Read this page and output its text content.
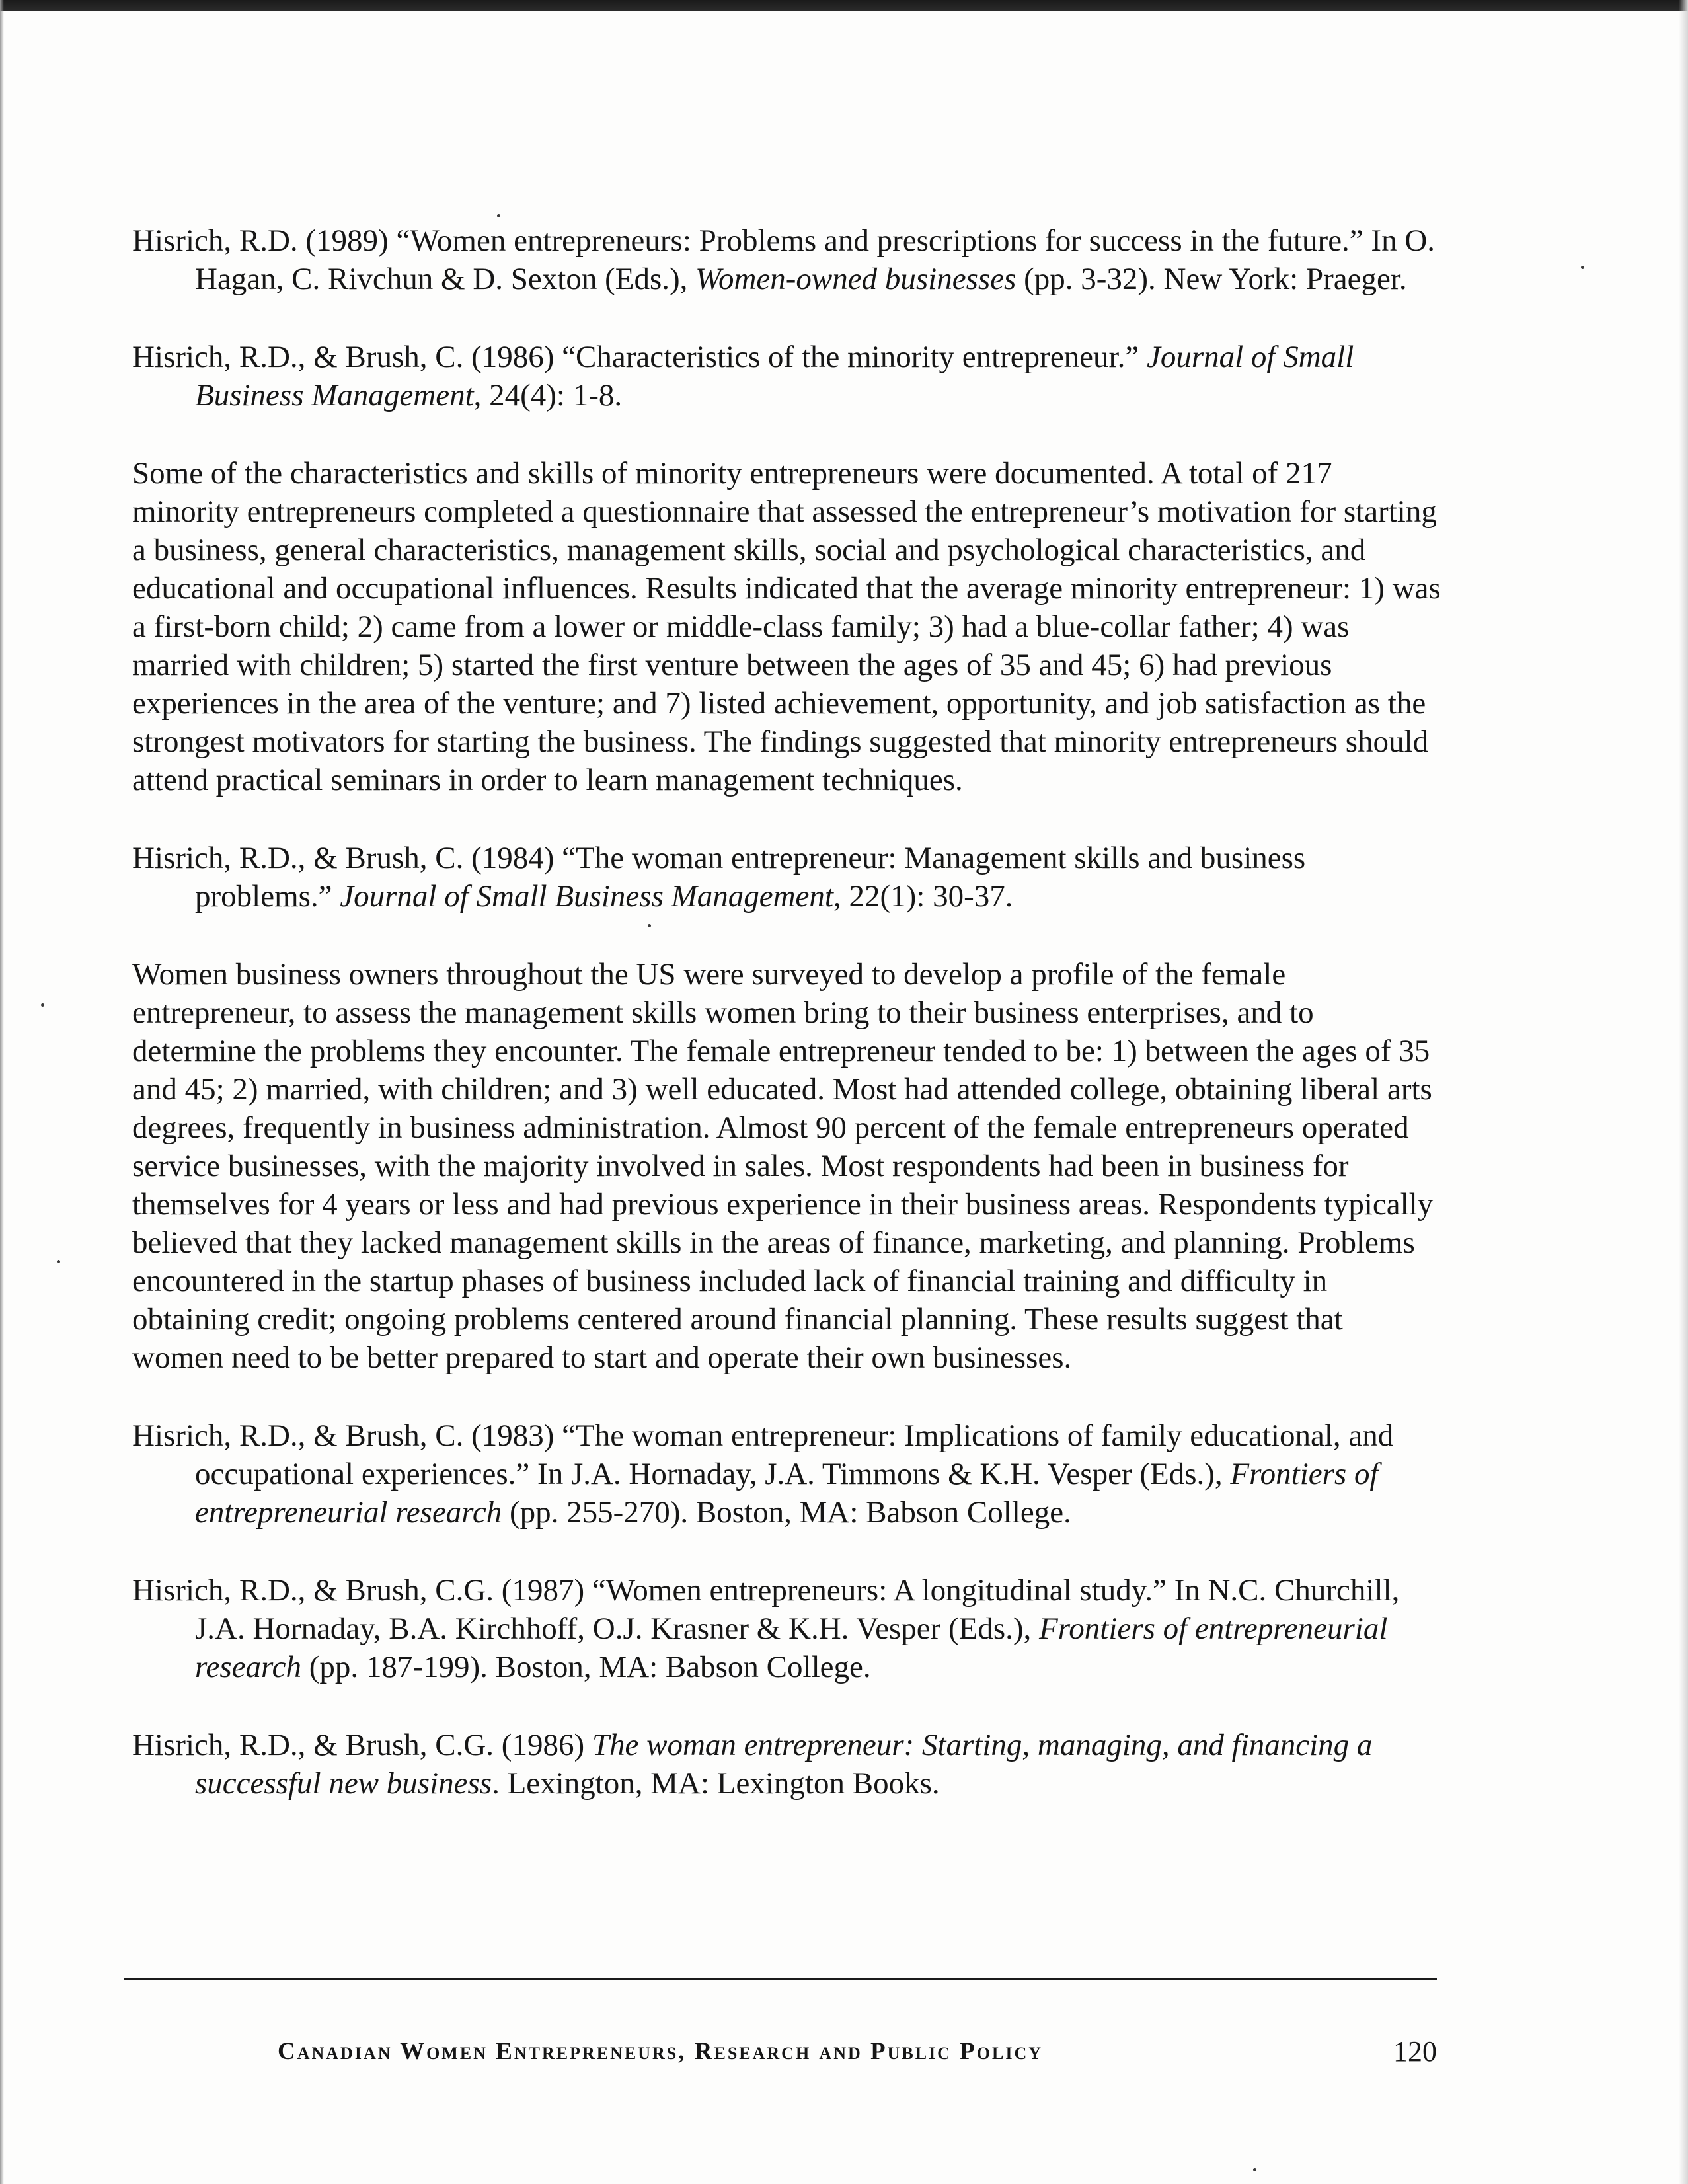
Hisrich, R.D. (1989) “Women entrepreneurs: Problems and prescriptions for success in the future.” In O. Hagan, C. Rivchun & D. Sexton (Eds.), Women-owned businesses (pp. 3-32). New York: Praeger.

Hisrich, R.D., & Brush, C. (1986) “Characteristics of the minority entrepreneur.” Journal of Small Business Management, 24(4): 1-8.

Some of the characteristics and skills of minority entrepreneurs were documented. A total of 217 minority entrepreneurs completed a questionnaire that assessed the entrepreneur’s motivation for starting a business, general characteristics, management skills, social and psychological characteristics, and educational and occupational influences. Results indicated that the average minority entrepreneur: 1) was a first-born child; 2) came from a lower or middle-class family; 3) had a blue-collar father; 4) was married with children; 5) started the first venture between the ages of 35 and 45; 6) had previous experiences in the area of the venture; and 7) listed achievement, opportunity, and job satisfaction as the strongest motivators for starting the business. The findings suggested that minority entrepreneurs should attend practical seminars in order to learn management techniques.

Hisrich, R.D., & Brush, C. (1984) “The woman entrepreneur: Management skills and business problems.” Journal of Small Business Management, 22(1): 30-37.

Women business owners throughout the US were surveyed to develop a profile of the female entrepreneur, to assess the management skills women bring to their business enterprises, and to determine the problems they encounter. The female entrepreneur tended to be: 1) between the ages of 35 and 45; 2) married, with children; and 3) well educated. Most had attended college, obtaining liberal arts degrees, frequently in business administration. Almost 90 percent of the female entrepreneurs operated service businesses, with the majority involved in sales. Most respondents had been in business for themselves for 4 years or less and had previous experience in their business areas. Respondents typically believed that they lacked management skills in the areas of finance, marketing, and planning. Problems encountered in the startup phases of business included lack of financial training and difficulty in obtaining credit; ongoing problems centered around financial planning. These results suggest that women need to be better prepared to start and operate their own businesses.

Hisrich, R.D., & Brush, C. (1983) “The woman entrepreneur: Implications of family educational, and occupational experiences.” In J.A. Hornaday, J.A. Timmons & K.H. Vesper (Eds.), Frontiers of entrepreneurial research (pp. 255-270). Boston, MA: Babson College.

Hisrich, R.D., & Brush, C.G. (1987) “Women entrepreneurs: A longitudinal study.” In N.C. Churchill, J.A. Hornaday, B.A. Kirchhoff, O.J. Krasner & K.H. Vesper (Eds.), Frontiers of entrepreneurial research (pp. 187-199). Boston, MA: Babson College.

Hisrich, R.D., & Brush, C.G. (1986) The woman entrepreneur: Starting, managing, and financing a successful new business. Lexington, MA: Lexington Books.

Canadian Women Entrepreneurs, Research and Public Policy	120
